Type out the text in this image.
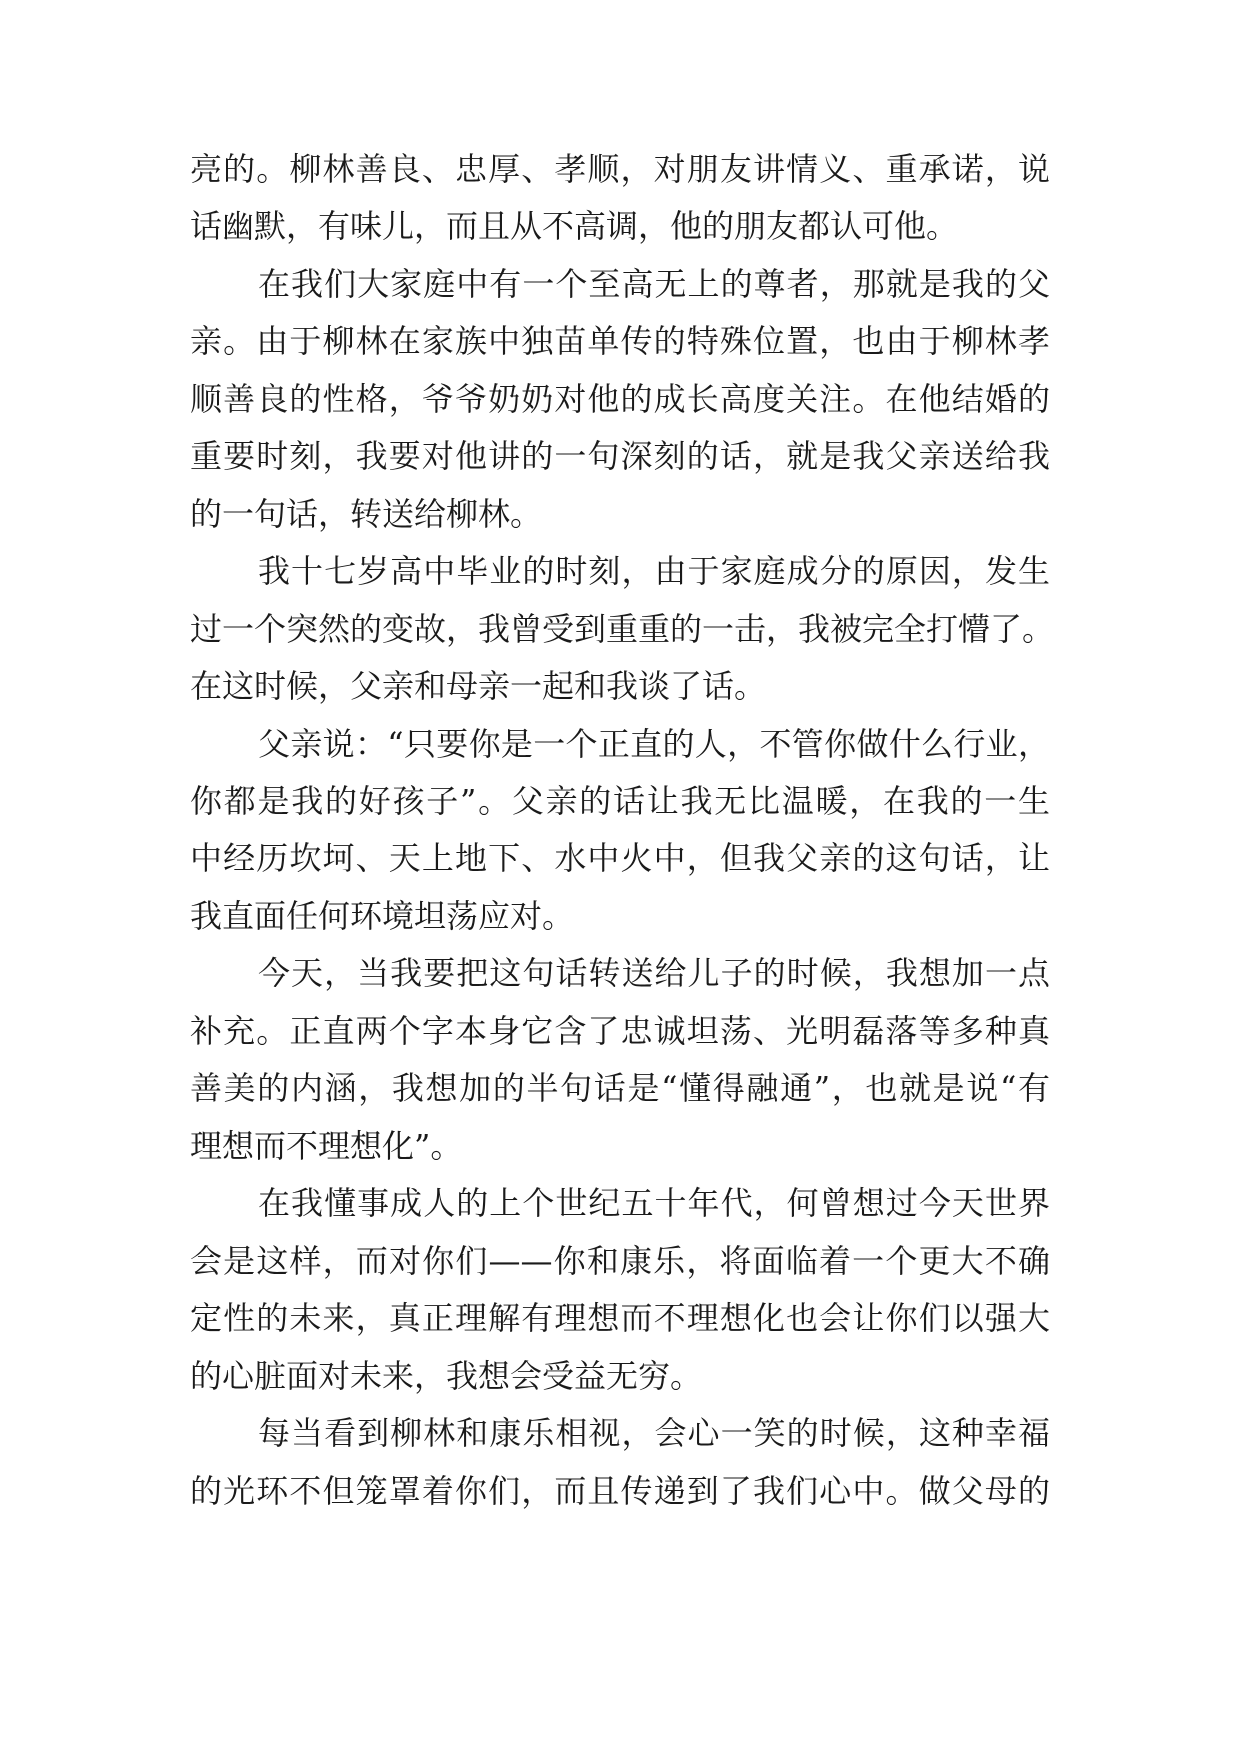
亮的。柳林善良、忠厚、孝顺，对朋友讲情义、重承诺，说
话幽默，有味儿，而且从不高调，他的朋友都认可他。
在我们大家庭中有一个至高无上的尊者，那就是我的父
亲。由于柳林在家族中独苗单传的特殊位置，也由于柳林孝
顺善良的性格，爷爷奶奶对他的成长高度关注。在他结婚的
重要时刻，我要对他讲的一句深刻的话，就是我父亲送给我
的一句话，转送给柳林。
我十七岁高中毕业的时刻，由于家庭成分的原因，发生
过一个突然的变故，我曾受到重重的一击，我被完全打懵了。
在这时候，父亲和母亲一起和我谈了话。
父亲说：“只要你是一个正直的人，不管你做什么行业，
你都是我的好孩子”。父亲的话让我无比温暖，在我的一生
中经历坎坷、天上地下、水中火中，但我父亲的这句话，让
我直面任何环境坦荡应对。
今天，当我要把这句话转送给儿子的时候，我想加一点
补充。正直两个字本身它含了忠诚坦荡、光明磊落等多种真
善美的内涵，我想加的半句话是“懂得融通”，也就是说“有
理想而不理想化”。
在我懂事成人的上个世纪五十年代，何曾想过今天世界
会是这样，而对你们——你和康乐，将面临着一个更大不确
定性的未来，真正理解有理想而不理想化也会让你们以强大
的心脏面对未来，我想会受益无穷。
每当看到柳林和康乐相视，会心一笑的时候，这种幸福
的光环不但笼罩着你们，而且传递到了我们心中。做父母的
